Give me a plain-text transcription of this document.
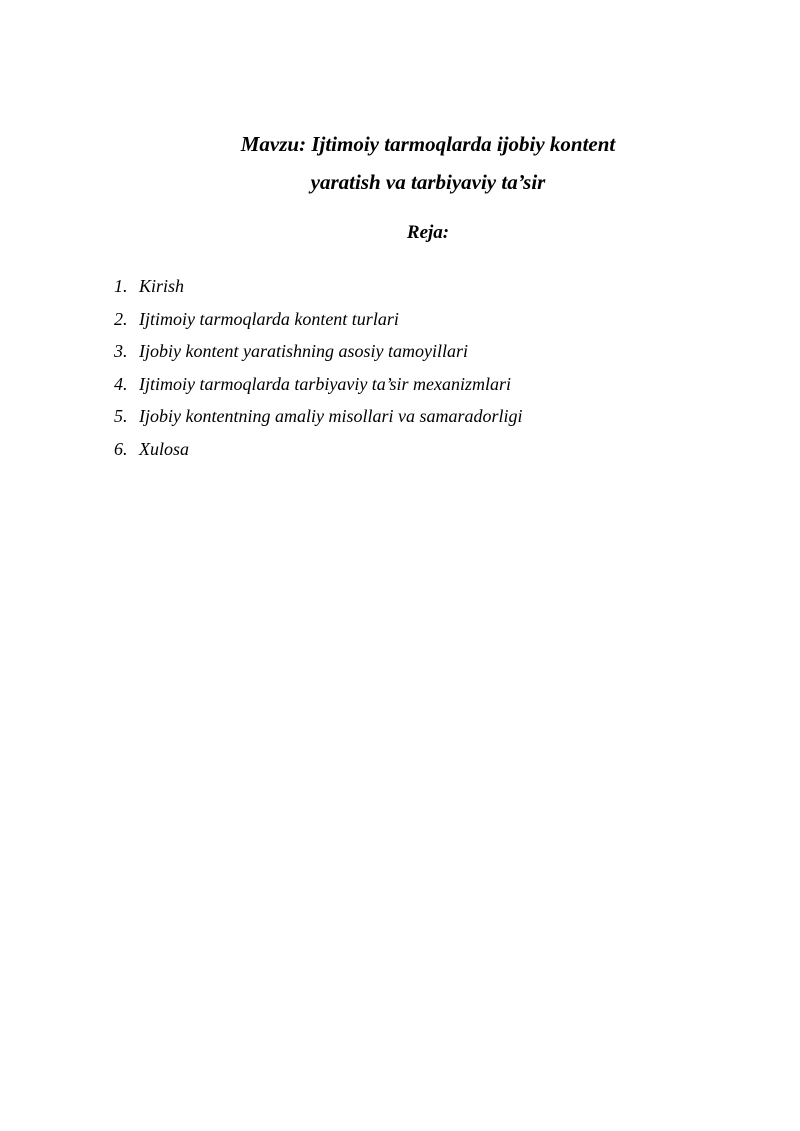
Mavzu: Ijtimoiy tarmoqlarda ijobiy kontent

yaratish va tarbiyaviy ta’sir

Reja:

1. Kirish
2. Ijtimoiy tarmoqlarda kontent turlari
3. Ijobiy kontent yaratishning asosiy tamoyillari
4. Ijtimoiy tarmoqlarda tarbiyaviy ta’sir mexanizmlari
5. Ijobiy kontentning amaliy misollari va samaradorligi
6. Xulosa
